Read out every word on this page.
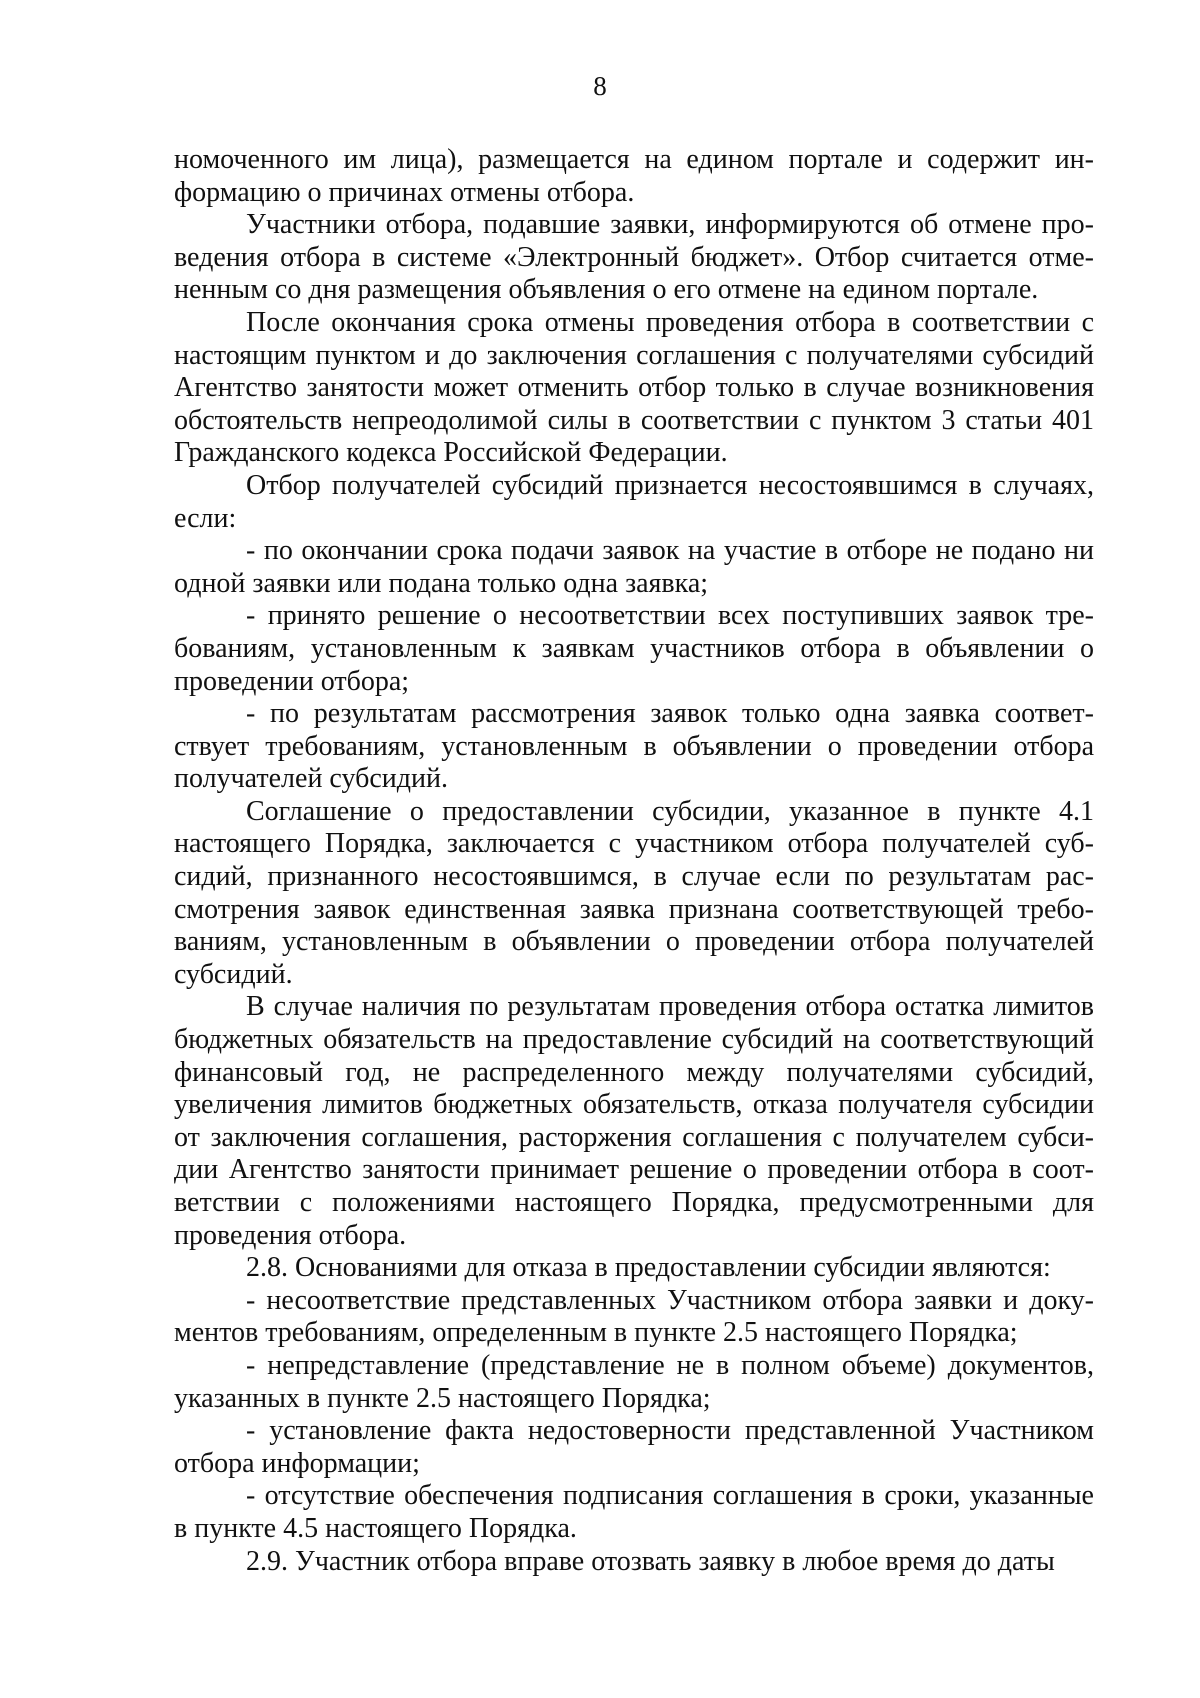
8

номоченного им лица), размещается на едином портале и содержит информацию о причинах отмены отбора.

Участники отбора, подавшие заявки, информируются об отмене проведения отбора в системе «Электронный бюджет». Отбор считается отмененным со дня размещения объявления о его отмене на едином портале.

После окончания срока отмены проведения отбора в соответствии с настоящим пунктом и до заключения соглашения с получателями субсидий Агентство занятости может отменить отбор только в случае возникновения обстоятельств непреодолимой силы в соответствии с пунктом 3 статьи 401 Гражданского кодекса Российской Федерации.

Отбор получателей субсидий признается несостоявшимся в случаях, если:

- по окончании срока подачи заявок на участие в отборе не подано ни одной заявки или подана только одна заявка;

- принято решение о несоответствии всех поступивших заявок требованиям, установленным к заявкам участников отбора в объявлении о проведении отбора;

- по результатам рассмотрения заявок только одна заявка соответствует требованиям, установленным в объявлении о проведении отбора получателей субсидий.

Соглашение о предоставлении субсидии, указанное в пункте 4.1 настоящего Порядка, заключается с участником отбора получателей субсидий, признанного несостоявшимся, в случае если по результатам рассмотрения заявок единственная заявка признана соответствующей требованиям, установленным в объявлении о проведении отбора получателей субсидий.

В случае наличия по результатам проведения отбора остатка лимитов бюджетных обязательств на предоставление субсидий на соответствующий финансовый год, не распределенного между получателями субсидий, увеличения лимитов бюджетных обязательств, отказа получателя субсидии от заключения соглашения, расторжения соглашения с получателем субсидии Агентство занятости принимает решение о проведении отбора в соответствии с положениями настоящего Порядка, предусмотренными для проведения отбора.

2.8. Основаниями для отказа в предоставлении субсидии являются:

- несоответствие представленных Участником отбора заявки и документов требованиям, определенным в пункте 2.5 настоящего Порядка;

- непредставление (представление не в полном объеме) документов, указанных в пункте 2.5 настоящего Порядка;

- установление факта недостоверности представленной Участником отбора информации;

- отсутствие обеспечения подписания соглашения в сроки, указанные в пункте 4.5 настоящего Порядка.

2.9. Участник отбора вправе отозвать заявку в любое время до даты
